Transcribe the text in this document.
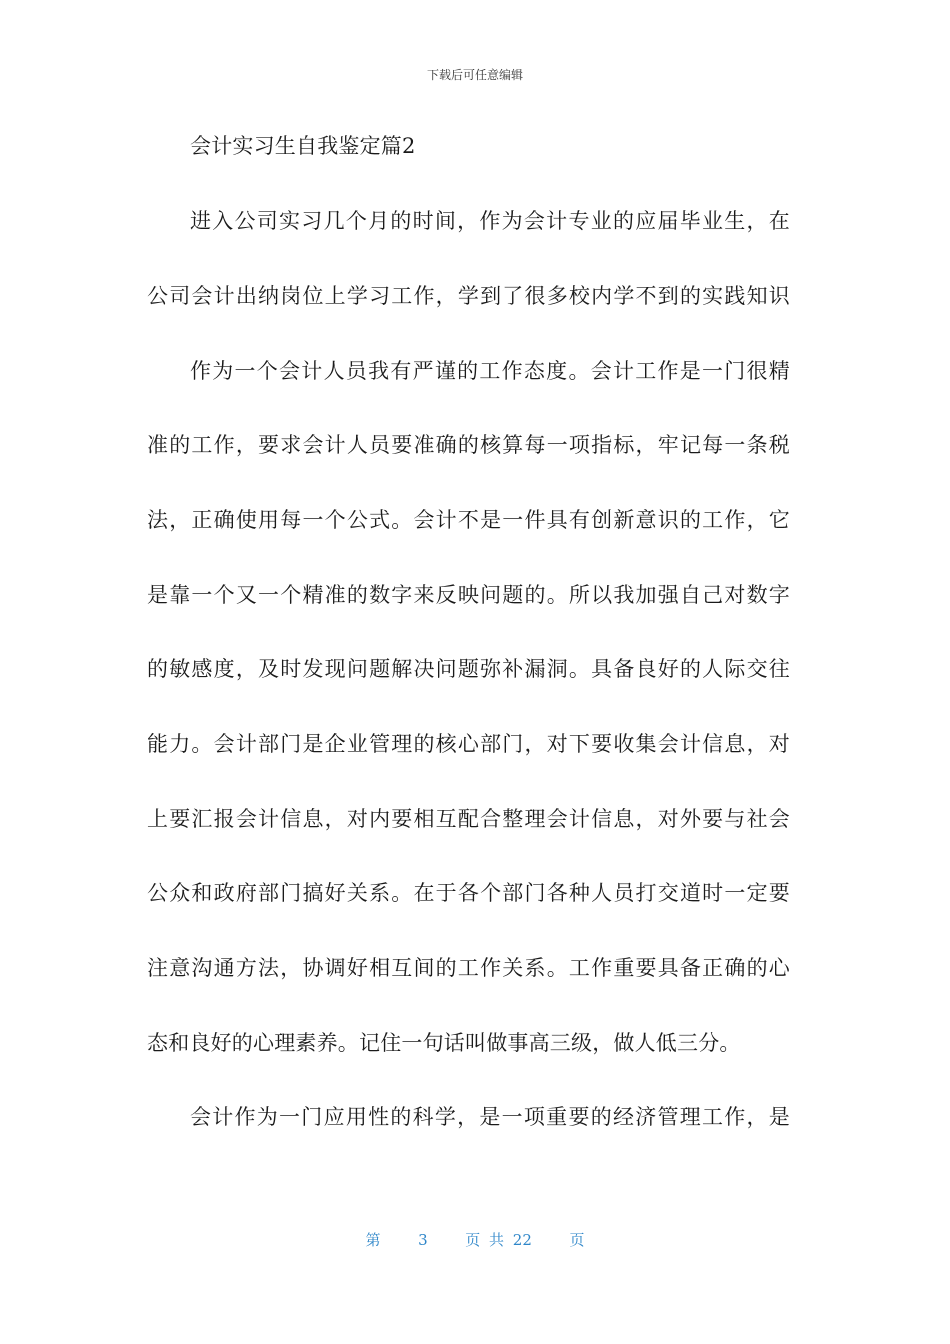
下载后可任意编辑
会计实习生自我鉴定篇2
进入公司实习几个月的时间，作为会计专业的应届毕业生，在
公司会计出纳岗位上学习工作，学到了很多校内学不到的实践知识
作为一个会计人员我有严谨的工作态度。会计工作是一门很精
准的工作，要求会计人员要准确的核算每一项指标，牢记每一条税
法，正确使用每一个公式。会计不是一件具有创新意识的工作，它
是靠一个又一个精准的数字来反映问题的。所以我加强自己对数字
的敏感度，及时发现问题解决问题弥补漏洞。具备良好的人际交往
能力。会计部门是企业管理的核心部门，对下要收集会计信息，对
上要汇报会计信息，对内要相互配合整理会计信息，对外要与社会
公众和政府部门搞好关系。在于各个部门各种人员打交道时一定要
注意沟通方法，协调好相互间的工作关系。工作重要具备正确的心
态和良好的心理素养。记住一句话叫做事高三级，做人低三分。
会计作为一门应用性的科学，是一项重要的经济管理工作，是
第	3	页 共 22	页
